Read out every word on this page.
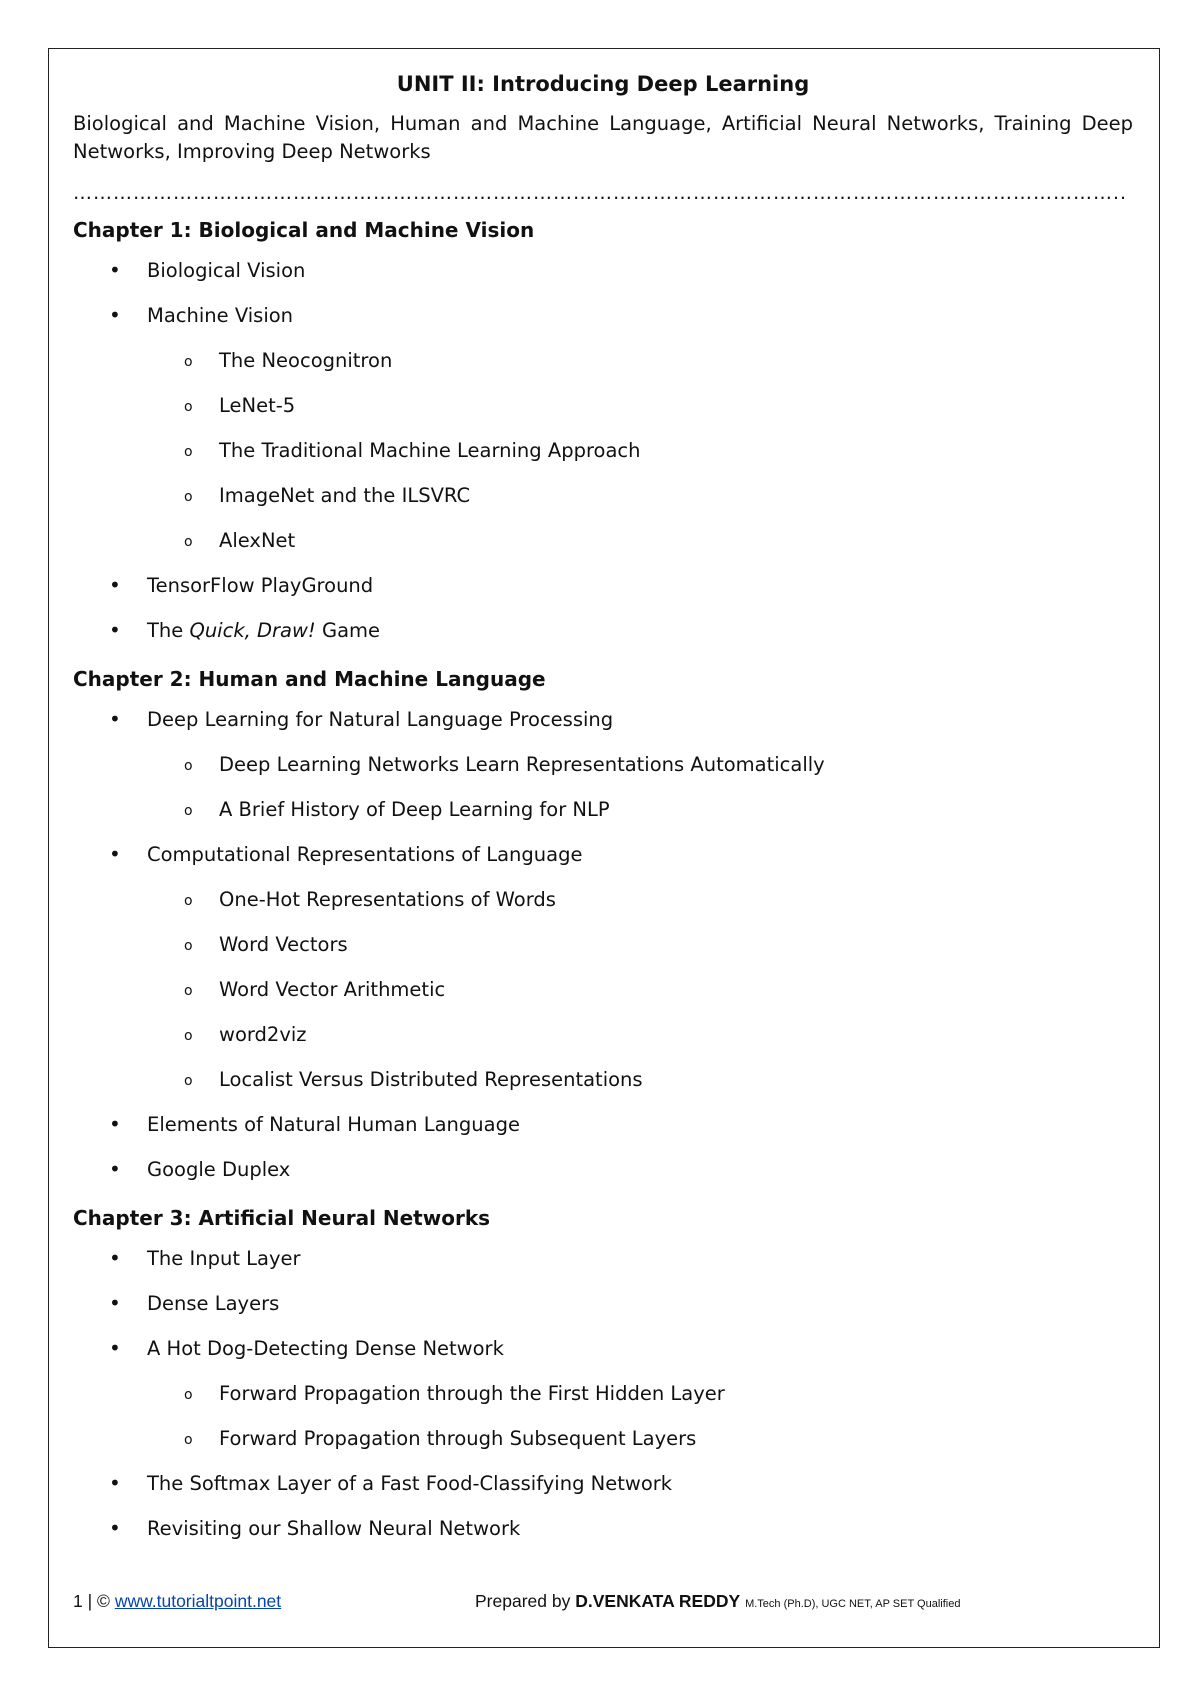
UNIT II: Introducing Deep Learning
Biological and Machine Vision, Human and Machine Language, Artificial Neural Networks, Training Deep Networks, Improving Deep Networks
…………………………………………………………………………………………………………………………………………..
Chapter 1: Biological and Machine Vision
• Biological Vision
• Machine Vision
o The Neocognitron
o LeNet-5
o The Traditional Machine Learning Approach
o ImageNet and the ILSVRC
o AlexNet
• TensorFlow PlayGround
• The Quick, Draw! Game
Chapter 2: Human and Machine Language
• Deep Learning for Natural Language Processing
o Deep Learning Networks Learn Representations Automatically
o A Brief History of Deep Learning for NLP
• Computational Representations of Language
o One-Hot Representations of Words
o Word Vectors
o Word Vector Arithmetic
o word2viz
o Localist Versus Distributed Representations
• Elements of Natural Human Language
• Google Duplex
Chapter 3: Artificial Neural Networks
• The Input Layer
• Dense Layers
• A Hot Dog-Detecting Dense Network
o Forward Propagation through the First Hidden Layer
o Forward Propagation through Subsequent Layers
• The Softmax Layer of a Fast Food-Classifying Network
• Revisiting our Shallow Neural Network
1 | © www.tutorialtpoint.net	Prepared by D.VENKATA REDDY M.Tech (Ph.D), UGC NET, AP SET Qualified
